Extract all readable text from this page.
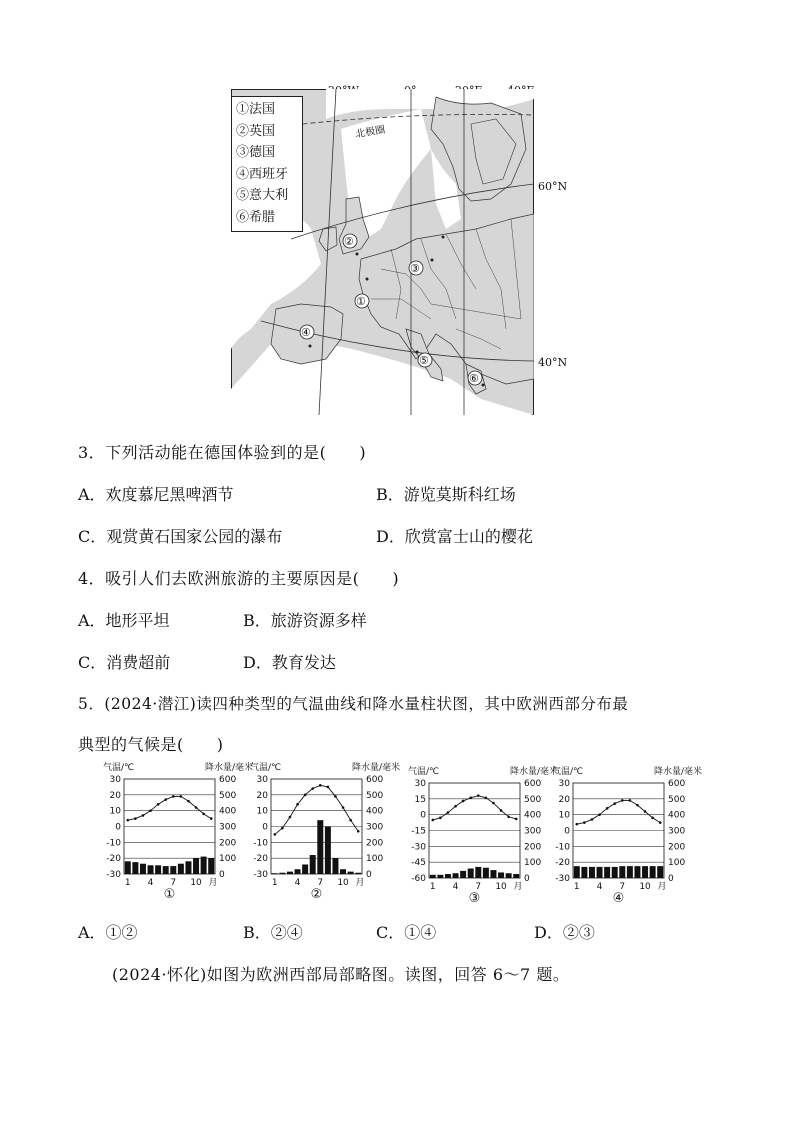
②
③
①
④
⑤
⑥
北极圈
60°N
40°N
①法国
②英国
③德国
④西班牙
⑤意大利
⑥希腊
3．下列活动能在德国体验到的是(　　)
A．欢度慕尼黑啤酒节	B．游览莫斯科红场
C．观赏黄石国家公园的瀑布	D．欣赏富士山的樱花
4．吸引人们去欧洲旅游的主要原因是(　　)
A．地形平坦	B．旅游资源多样
C．消费超前	D．教育发达
5．(2024·潜江)读四种类型的气温曲线和降水量柱状图，其中欧洲西部分布最
典型的气候是(　　)
气温/℃	降水量/毫米
30	600
20	500
10	400
0	300
-10	200
-20	100
-30	0
1 4 7 10 月
①
气温/℃	降水量/毫米
30	600
20	500
10	400
0	300
-10	200
-20	100
-30	0
1 4 7 10 月
②
气温/℃	降水量/毫米
30	600
15	500
0	400
-15	300
-30	200
-45	100
-60	0
1 4 7 10 月
③
气温/℃	降水量/毫米
30	600
20	500
10	400
0	300
-10	200
-20	100
-30	0
1 4 7 10 月
④
A．①②	B．②④	C．①④	D．②③
(2024·怀化)如图为欧洲西部局部略图。读图，回答 6～7 题。
